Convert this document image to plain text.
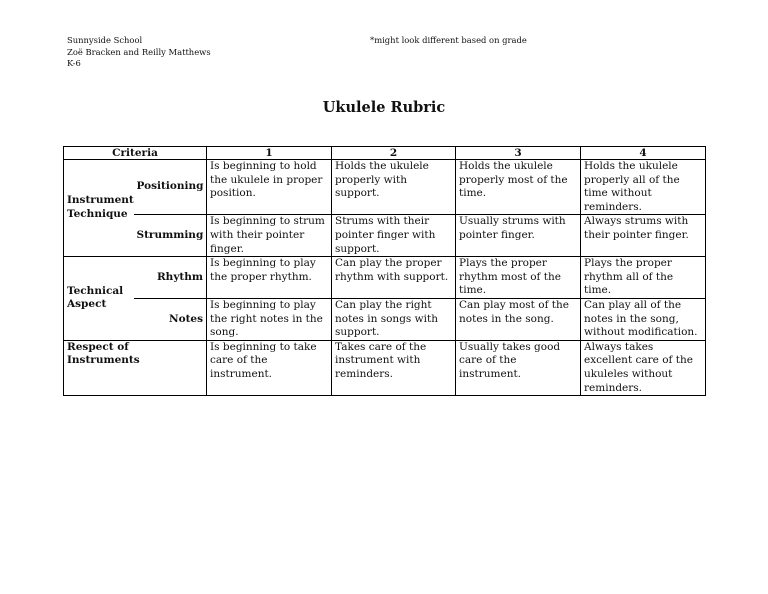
Sunnyside School
Zoë Bracken and Reilly Matthews
K-6
*might look different based on grade
Ukulele Rubric
Criteria		1	2	3	4
Instrument Technique	Positioning	Is beginning to hold the ukulele in proper position.	Holds the ukulele properly with support.	Holds the ukulele properly most of the time.	Holds the ukulele properly all of the time without reminders.
	Strumming	Is beginning to strum with their pointer finger.	Strums with their pointer finger with support.	Usually strums with pointer finger.	Always strums with their pointer finger.
Technical Aspect	Rhythm	Is beginning to play the proper rhythm.	Can play the proper rhythm with support.	Plays the proper rhythm most of the time.	Plays the proper rhythm all of the time.
	Notes	Is beginning to play the right notes in the song.	Can play the right notes in songs with support.	Can play most of the notes in the song.	Can play all of the notes in the song, without modification.
Respect of Instruments		Is beginning to take care of the instrument.	Takes care of the instrument with reminders.	Usually takes good care of the instrument.	Always takes excellent care of the ukuleles without reminders.
